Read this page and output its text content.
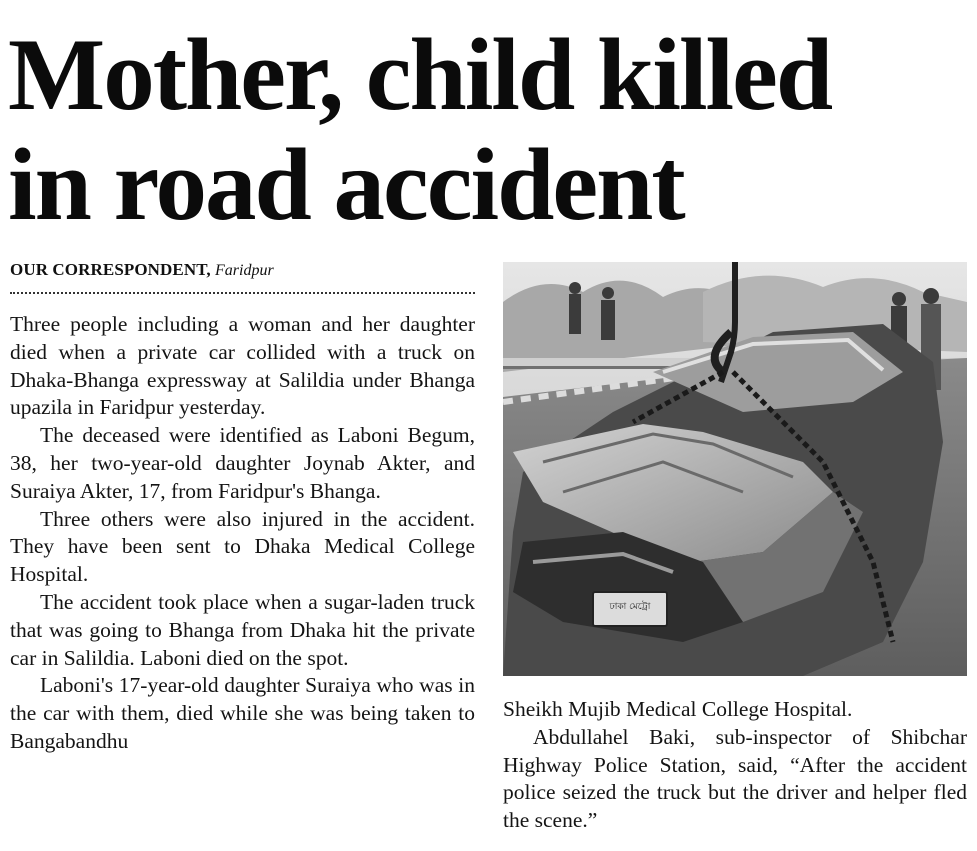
Mother, child killed
in road accident
OUR CORRESPONDENT, Faridpur

Three people including a woman and her daughter died when a private car collided with a truck on Dhaka-Bhanga expressway at Salildia under Bhanga upazila in Faridpur yesterday.

The deceased were identified as Laboni Begum, 38, her two-year-old daughter Joynab Akter, and Suraiya Akter, 17, from Faridpur's Bhanga.

Three others were also injured in the accident. They have been sent to Dhaka Medical College Hospital.

The accident took place when a sugar-laden truck that was going to Bhanga from Dhaka hit the private car in Salildia. Laboni died on the spot.

Laboni's 17-year-old daughter Suraiya who was in the car with them, died while she was being taken to Bangabandhu

ঢাকা মেট্রো

Sheikh Mujib Medical College Hospital.

Abdullahel Baki, sub-inspector of Shibchar Highway Police Station, said, “After the accident police seized the truck but the driver and helper fled the scene.”
